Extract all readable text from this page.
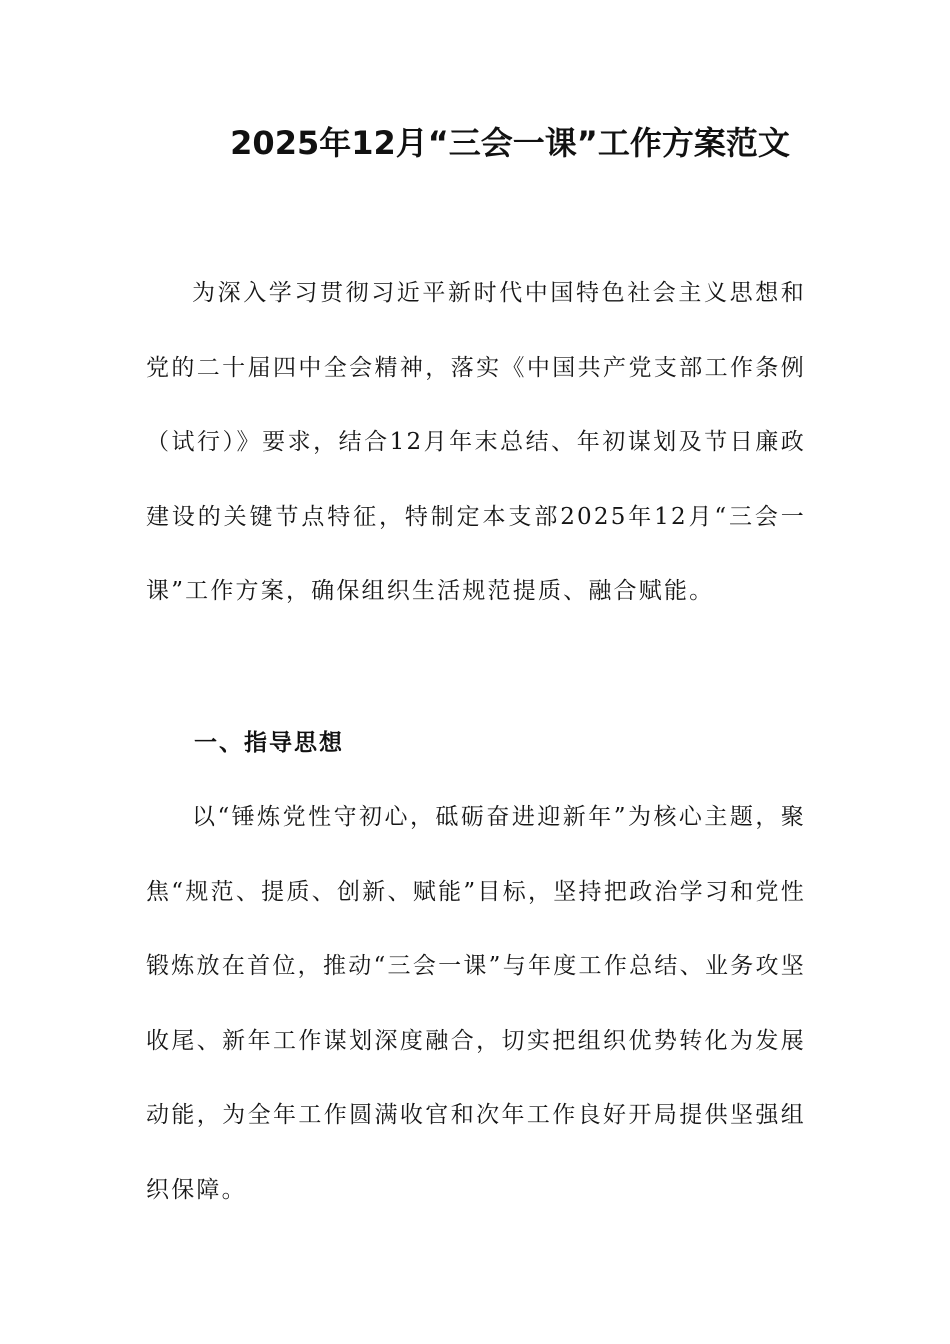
2025年12月“三会一课”工作方案范文

为深入学习贯彻习近平新时代中国特色社会主义思想和党的二十届四中全会精神，落实《中国共产党支部工作条例（试行）》要求，结合12月年末总结、年初谋划及节日廉政建设的关键节点特征，特制定本支部2025年12月“三会一课”工作方案，确保组织生活规范提质、融合赋能。

一、指导思想

以“锤炼党性守初心，砥砺奋进迎新年”为核心主题，聚焦“规范、提质、创新、赋能”目标，坚持把政治学习和党性锻炼放在首位，推动“三会一课”与年度工作总结、业务攻坚收尾、新年工作谋划深度融合，切实把组织优势转化为发展动能，为全年工作圆满收官和次年工作良好开局提供坚强组织保障。
